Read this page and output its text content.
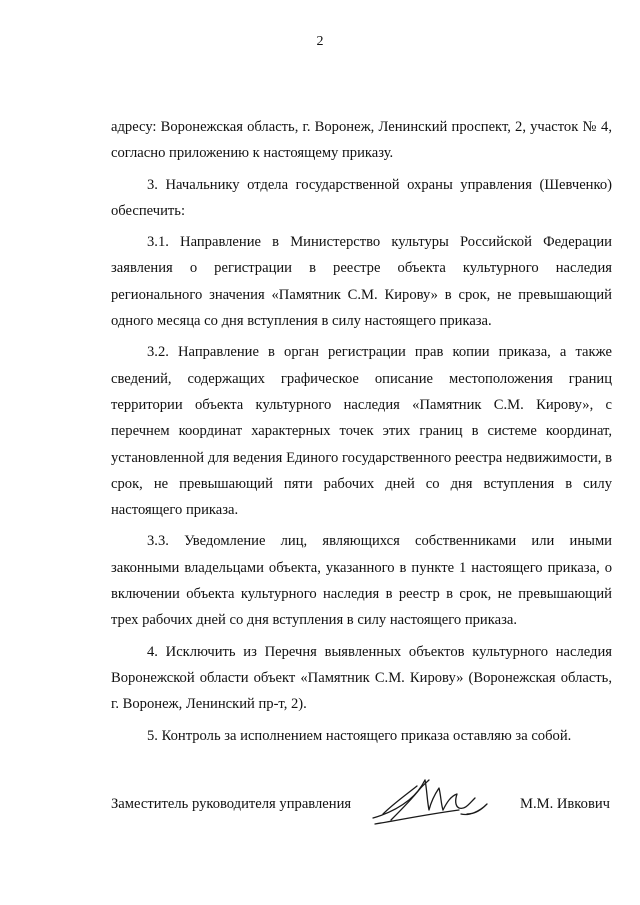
2

адресу: Воронежская область, г. Воронеж, Ленинский проспект, 2, участок № 4, согласно приложению к настоящему приказу.

3. Начальнику отдела государственной охраны управления (Шевченко) обеспечить:

3.1. Направление в Министерство культуры Российской Федерации заявления о регистрации в реестре объекта культурного наследия регионального значения «Памятник С.М. Кирову» в срок, не превышающий одного месяца со дня вступления в силу настоящего приказа.

3.2. Направление в орган регистрации прав копии приказа, а также сведений, содержащих графическое описание местоположения границ территории объекта культурного наследия «Памятник С.М. Кирову», с перечнем координат характерных точек этих границ в системе координат, установленной для ведения Единого государственного реестра недвижимости, в срок, не превышающий пяти рабочих дней со дня вступления в силу настоящего приказа.

3.3. Уведомление лиц, являющихся собственниками или иными законными владельцами объекта, указанного в пункте 1 настоящего приказа, о включении объекта культурного наследия в реестр в срок, не превышающий трех рабочих дней со дня вступления в силу настоящего приказа.

4. Исключить из Перечня выявленных объектов культурного наследия Воронежской области объект «Памятник С.М. Кирову» (Воронежская область, г. Воронеж, Ленинский пр-т, 2).

5. Контроль за исполнением настоящего приказа оставляю за собой.

Заместитель руководителя управления	М.М. Ивкович
